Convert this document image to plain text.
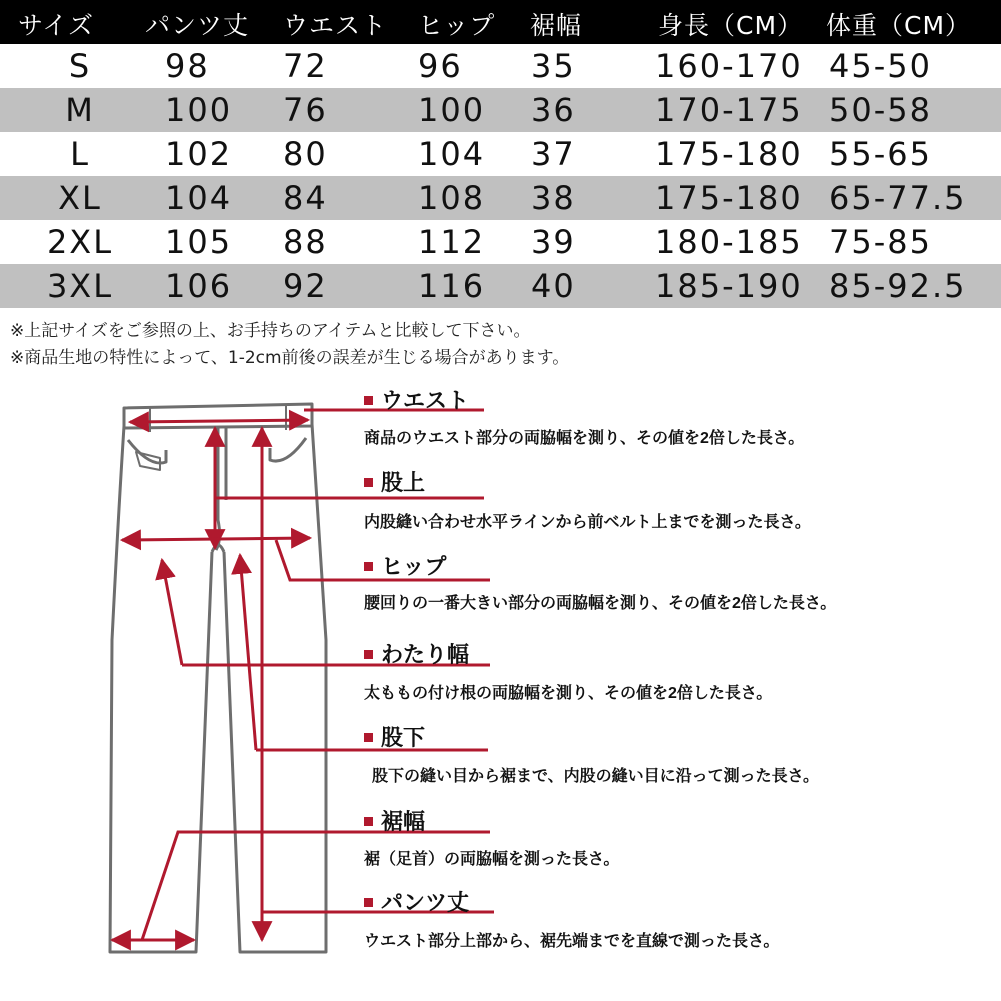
サイズ パンツ丈	ウエスト	ヒップ	裾幅	身長（CM） 体重（CM）
S	98	72	96	35	160-170 45-50
M	100	76	100	36	170-175 50-58
L	102	80	104	37	175-180 55-65
XL	104	84	108	38	175-180 65-77.5
2XL	105	88	112	39	180-185 75-85
3XL	106	92	116	40	185-190 85-92.5
※上記サイズをご参照の上、お手持ちのアイテムと比較して下さい。
※商品生地の特性によって、1-2cm前後の誤差が生じる場合があります。
ウエスト
商品のウエスト部分の両脇幅を測り、その値を2倍した長さ。
股上
内股縫い合わせ水平ラインから前ベルト上までを測った長さ。
ヒップ
腰回りの一番大きい部分の両脇幅を測り、その値を2倍した長さ。
わたり幅
太ももの付け根の両脇幅を測り、その値を2倍した長さ。
股下
股下の縫い目から裾まで、内股の縫い目に沿って測った長さ。
裾幅
裾（足首）の両脇幅を測った長さ。
パンツ丈
ウエスト部分上部から、裾先端までを直線で測った長さ。
